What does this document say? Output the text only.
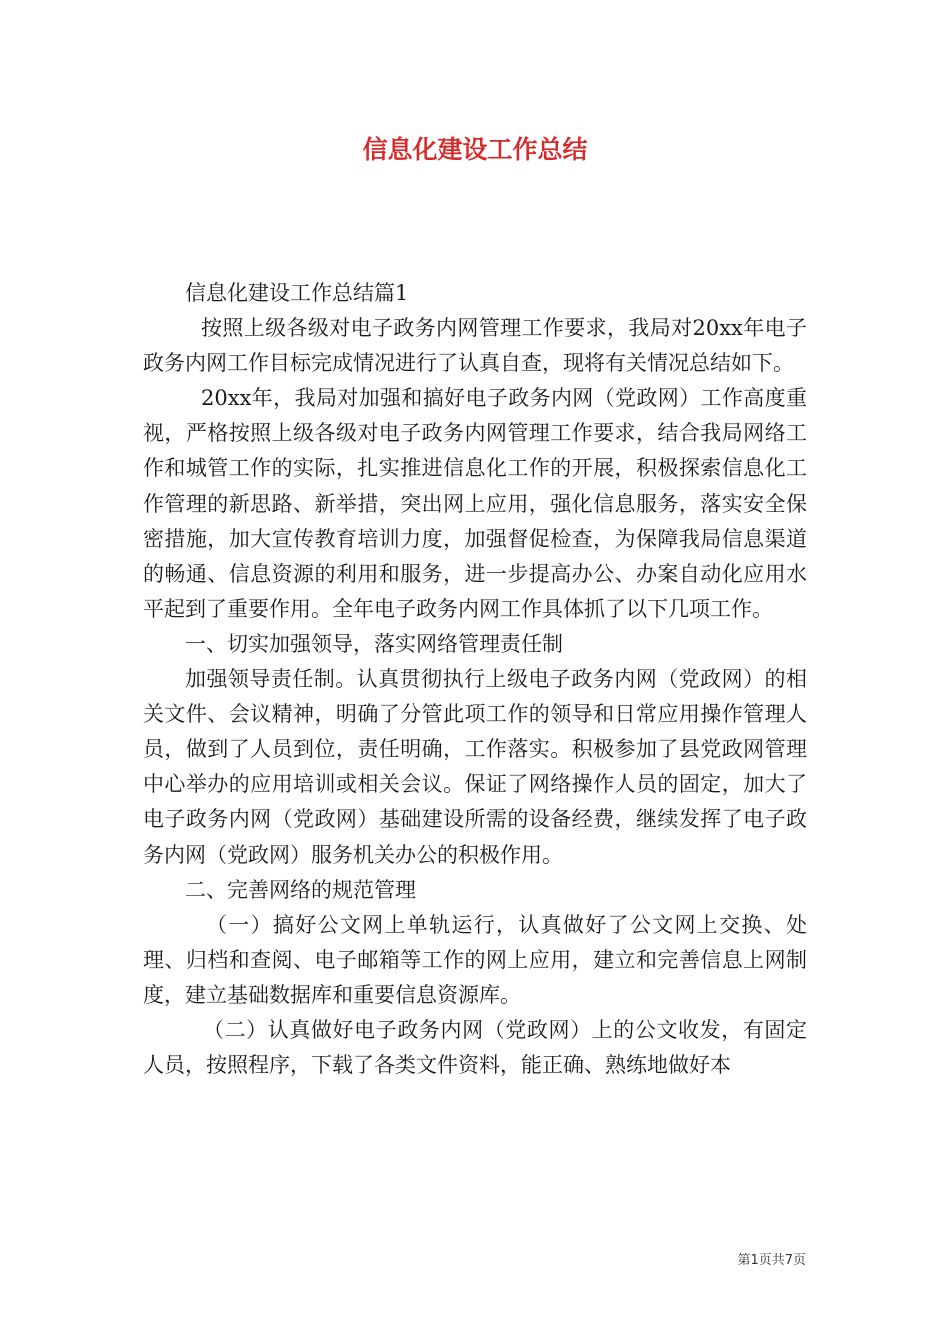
信息化建设工作总结

信息化建设工作总结篇1

按照上级各级对电子政务内网管理工作要求，我局对20xx年电子政务内网工作目标完成情况进行了认真自查，现将有关情况总结如下。

20xx年，我局对加强和搞好电子政务内网（党政网）工作高度重视，严格按照上级各级对电子政务内网管理工作要求，结合我局网络工作和城管工作的实际，扎实推进信息化工作的开展，积极探索信息化工作管理的新思路、新举措，突出网上应用，强化信息服务，落实安全保密措施，加大宣传教育培训力度，加强督促检查，为保障我局信息渠道的畅通、信息资源的利用和服务，进一步提高办公、办案自动化应用水平起到了重要作用。全年电子政务内网工作具体抓了以下几项工作。

一、切实加强领导，落实网络管理责任制

加强领导责任制。认真贯彻执行上级电子政务内网（党政网）的相关文件、会议精神，明确了分管此项工作的领导和日常应用操作管理人员，做到了人员到位，责任明确，工作落实。积极参加了县党政网管理中心举办的应用培训或相关会议。保证了网络操作人员的固定，加大了电子政务内网（党政网）基础建设所需的设备经费，继续发挥了电子政务内网（党政网）服务机关办公的积极作用。

二、完善网络的规范管理

（一）搞好公文网上单轨运行，认真做好了公文网上交换、处理、归档和查阅、电子邮箱等工作的网上应用，建立和完善信息上网制度，建立基础数据库和重要信息资源库。

（二）认真做好电子政务内网（党政网）上的公文收发，有固定人员，按照程序，下载了各类文件资料，能正确、熟练地做好本

第1页共7页
